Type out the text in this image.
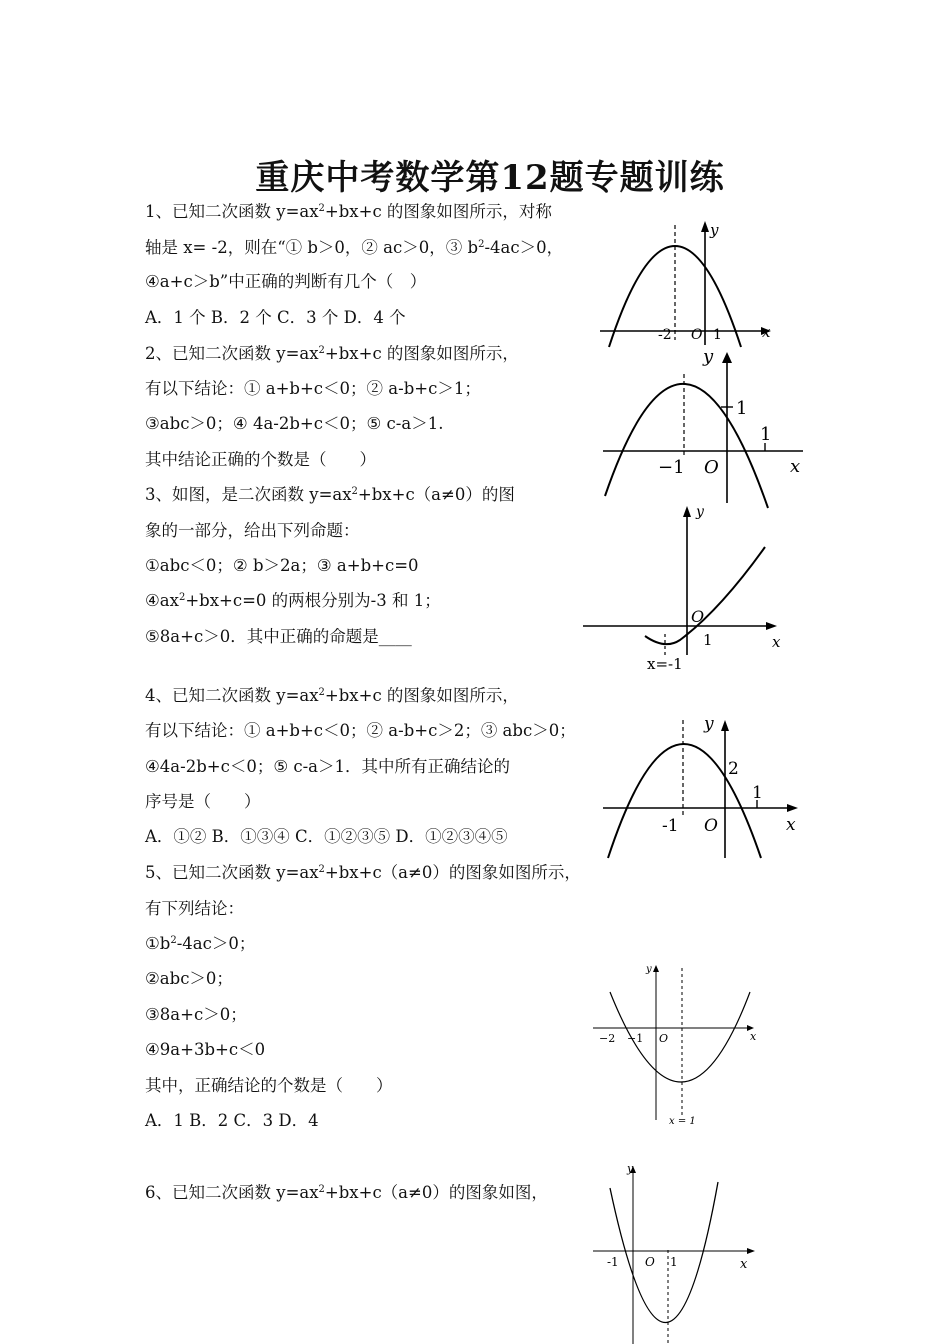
重庆中考数学第12题专题训练
1、已知二次函数 $y=ax^2+bx+c$ 的图象如图所示，对称
轴是 x= -2，则在“① b＞0，② ac＞0，③ $b^2-4ac>0$，
④a+c＞b”中正确的判断有几个（　）
A．1 个 B．2 个 C．3 个 D．4 个
y
x
-2 O 1
2、已知二次函数 $y=ax^2+bx+c$ 的图象如图所示，
有以下结论：① a+b+c＜0；② a-b+c＞1；
③abc＞0；④ 4a-2b+c＜0；⑤ c-a＞1.
其中结论正确的个数是（　　）
y
x
−1 O
1
1
3、如图，是二次函数 $y=ax^2+bx+c(a\ne 0)$的图
象的一部分，给出下列命题：
①abc＜0；② b＞2a；③ a+b+c=0
$④ax^2+bx+c=0$ 的两根分别为-3 和 1；
⑤8a+c＞0．其中正确的命题是____
y
x
O
1
x=-1
4、已知二次函数 $y=ax^2+bx+c$ 的图象如图所示，
有以下结论：① a+b+c＜0；② a-b+c＞2；③ abc＞0；
④4a-2b+c＜0；⑤ c-a＞1．其中所有正确结论的
序号是（　　）
A．①② B．①③④ C．①②③⑤ D．①②③④⑤
y
x
-1 O
2
1
5、已知二次函数 $y=ax^2+bx+c(a\ne 0)$的图象如图所示，
有下列结论：
$①b^2-4ac>0$；
②abc＞0；
③8a+c＞0；
④9a+3b+c＜0
其中，正确结论的个数是（　　）
A．1 B．2 C．3 D．4
y
x
−2 −1 O
x = 1
6、已知二次函数 $y=ax^2+bx+c(a\ne 0)$的图象如图，
y
x
-1 O 1
